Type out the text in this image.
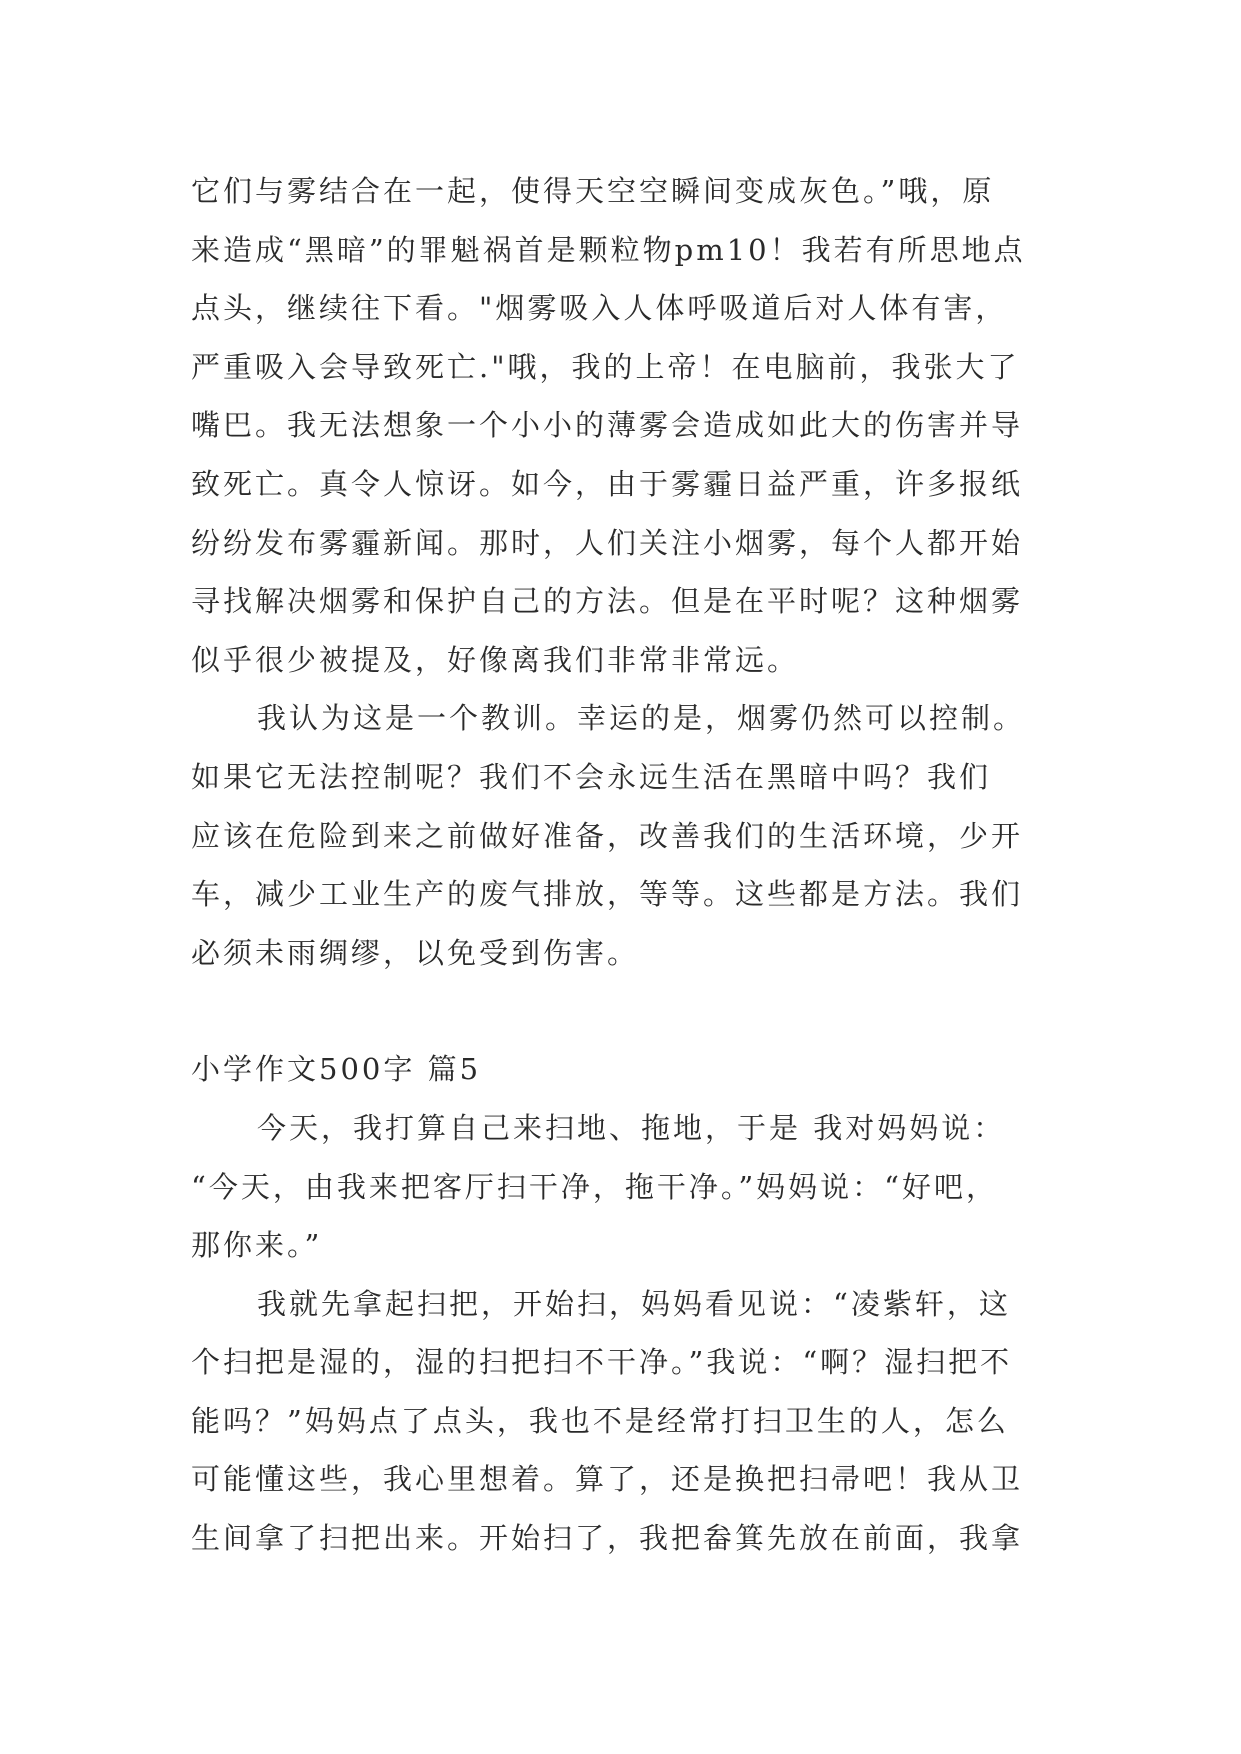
它们与雾结合在一起，使得天空空瞬间变成灰色。”哦，原
来造成“黑暗”的罪魁祸首是颗粒物pm10！我若有所思地点
点头，继续往下看。"烟雾吸入人体呼吸道后对人体有害，
严重吸入会导致死亡."哦，我的上帝！在电脑前，我张大了
嘴巴。我无法想象一个小小的薄雾会造成如此大的伤害并导
致死亡。真令人惊讶。如今，由于雾霾日益严重，许多报纸
纷纷发布雾霾新闻。那时，人们关注小烟雾，每个人都开始
寻找解决烟雾和保护自己的方法。但是在平时呢？这种烟雾
似乎很少被提及，好像离我们非常非常远。
我认为这是一个教训。幸运的是，烟雾仍然可以控制。
如果它无法控制呢？我们不会永远生活在黑暗中吗？我们
应该在危险到来之前做好准备，改善我们的生活环境，少开
车，减少工业生产的废气排放，等等。这些都是方法。我们
必须未雨绸缪，以免受到伤害。
小学作文500字 篇5
今天，我打算自己来扫地、拖地，于是 我对妈妈说：
“今天，由我来把客厅扫干净，拖干净。”妈妈说：“好吧，
那你来。”
我就先拿起扫把，开始扫，妈妈看见说：“凌紫轩，这
个扫把是湿的，湿的扫把扫不干净。”我说：“啊？湿扫把不
能吗？”妈妈点了点头，我也不是经常打扫卫生的人，怎么
可能懂这些，我心里想着。算了，还是换把扫帚吧！我从卫
生间拿了扫把出来。开始扫了，我把畚箕先放在前面，我拿
